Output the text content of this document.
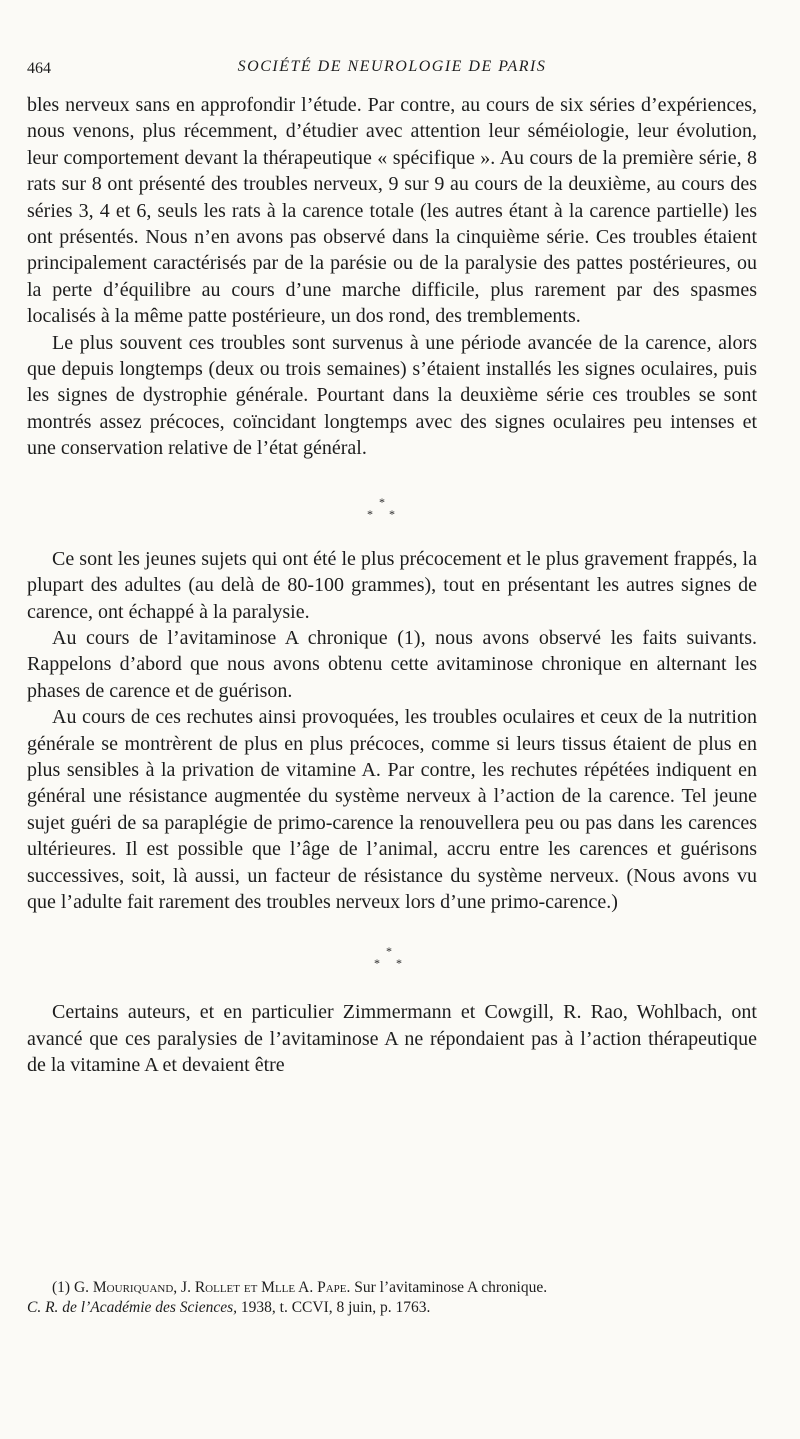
464	SOCIÉTÉ DE NEUROLOGIE DE PARIS

bles nerveux sans en approfondir l’étude. Par contre, au cours de six séries d’expériences, nous venons, plus récemment, d’étudier avec attention leur séméiologie, leur évolution, leur comportement devant la thérapeutique « spécifique ». Au cours de la première série, 8 rats sur 8 ont présenté des troubles nerveux, 9 sur 9 au cours de la deuxième, au cours des séries 3, 4 et 6, seuls les rats à la carence totale (les autres étant à la carence partielle) les ont présentés. Nous n’en avons pas observé dans la cinquième série. Ces troubles étaient principalement caractérisés par de la parésie ou de la paralysie des pattes postérieures, ou la perte d’équilibre au cours d’une marche difficile, plus rarement par des spasmes localisés à la même patte postérieure, un dos rond, des tremblements.

Le plus souvent ces troubles sont survenus à une période avancée de la carence, alors que depuis longtemps (deux ou trois semaines) s’étaient installés les signes oculaires, puis les signes de dystrophie générale. Pourtant dans la deuxième série ces troubles se sont montrés assez précoces, coïncidant longtemps avec des signes oculaires peu intenses et une conservation relative de l’état général.

*
* *

Ce sont les jeunes sujets qui ont été le plus précocement et le plus gravement frappés, la plupart des adultes (au delà de 80-100 grammes), tout en présentant les autres signes de carence, ont échappé à la paralysie.

Au cours de l’avitaminose A chronique (1), nous avons observé les faits suivants. Rappelons d’abord que nous avons obtenu cette avitaminose chronique en alternant les phases de carence et de guérison.

Au cours de ces rechutes ainsi provoquées, les troubles oculaires et ceux de la nutrition générale se montrèrent de plus en plus précoces, comme si leurs tissus étaient de plus en plus sensibles à la privation de vitamine A. Par contre, les rechutes répétées indiquent en général une résistance augmentée du système nerveux à l’action de la carence. Tel jeune sujet guéri de sa paraplégie de primo-carence la renouvellera peu ou pas dans les carences ultérieures. Il est possible que l’âge de l’animal, accru entre les carences et guérisons successives, soit, là aussi, un facteur de résistance du système nerveux. (Nous avons vu que l’adulte fait rarement des troubles nerveux lors d’une primo-carence.)

*
* *

Certains auteurs, et en particulier Zimmermann et Cowgill, R. Rao, Wohlbach, ont avancé que ces paralysies de l’avitaminose A ne répondaient pas à l’action thérapeutique de la vitamine A et devaient être

(1) G. Mouriquand, J. Rollet et Mlle A. Pape. Sur l’avitaminose A chronique.
C. R. de l’Académie des Sciences, 1938, t. CCVI, 8 juin, p. 1763.
